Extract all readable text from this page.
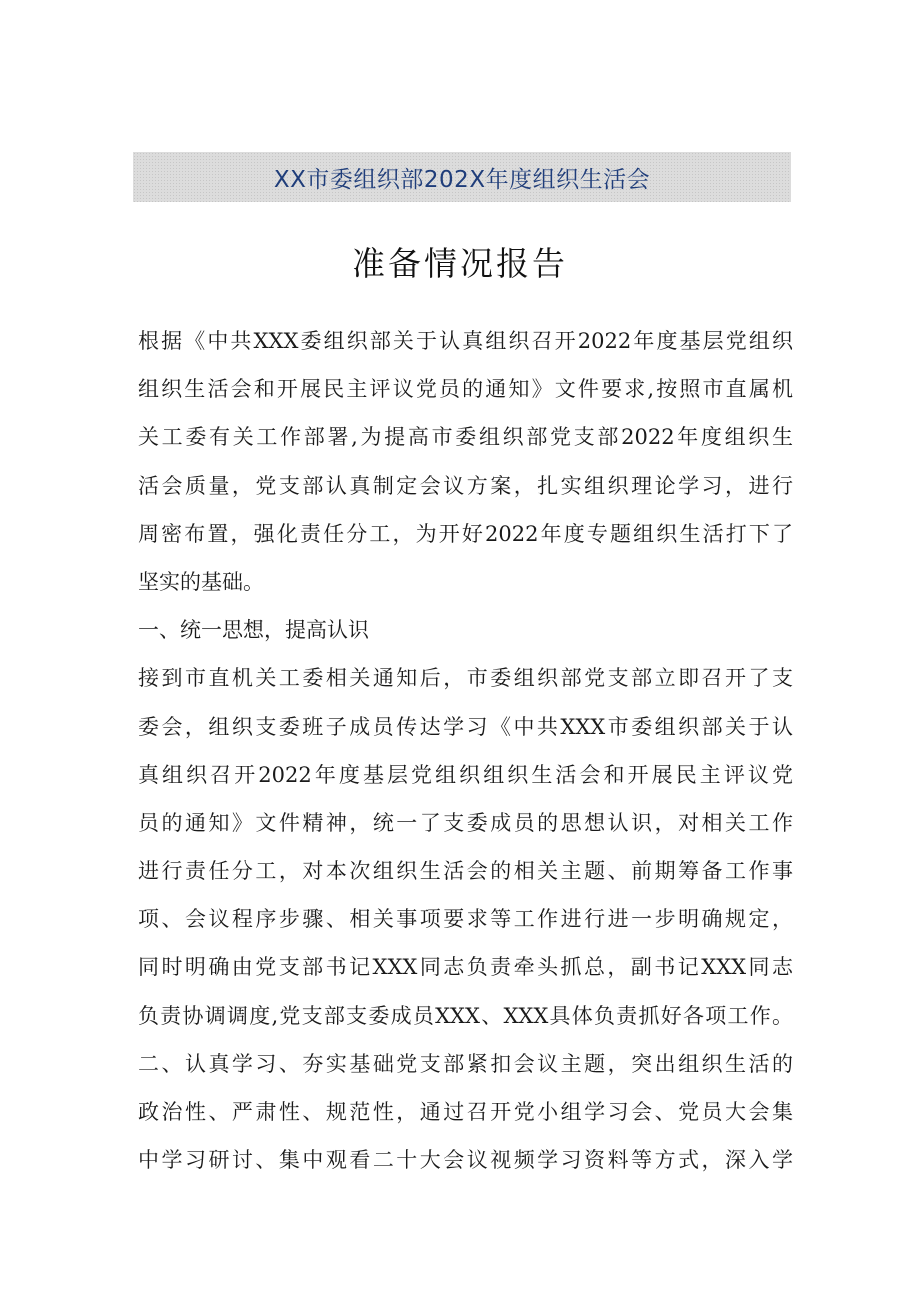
XX市委组织部202X年度组织生活会
准备情况报告
根据《中共XXX委组织部关于认真组织召开2022年度基层党组织
组织生活会和开展民主评议党员的通知》文件要求,按照市直属机
关工委有关工作部署,为提高市委组织部党支部2022年度组织生
活会质量，党支部认真制定会议方案，扎实组织理论学习，进行
周密布置，强化责任分工，为开好2022年度专题组织生活打下了
坚实的基础。
一、统一思想，提高认识
接到市直机关工委相关通知后，市委组织部党支部立即召开了支
委会，组织支委班子成员传达学习《中共XXX市委组织部关于认
真组织召开2022年度基层党组织组织生活会和开展民主评议党
员的通知》文件精神，统一了支委成员的思想认识，对相关工作
进行责任分工，对本次组织生活会的相关主题、前期筹备工作事
项、会议程序步骤、相关事项要求等工作进行进一步明确规定，
同时明确由党支部书记XXX同志负责牵头抓总，副书记XXX同志
负责协调调度,党支部支委成员XXX、XXX具体负责抓好各项工作。
二、认真学习、夯实基础党支部紧扣会议主题，突出组织生活的
政治性、严肃性、规范性，通过召开党小组学习会、党员大会集
中学习研讨、集中观看二十大会议视频学习资料等方式，深入学
